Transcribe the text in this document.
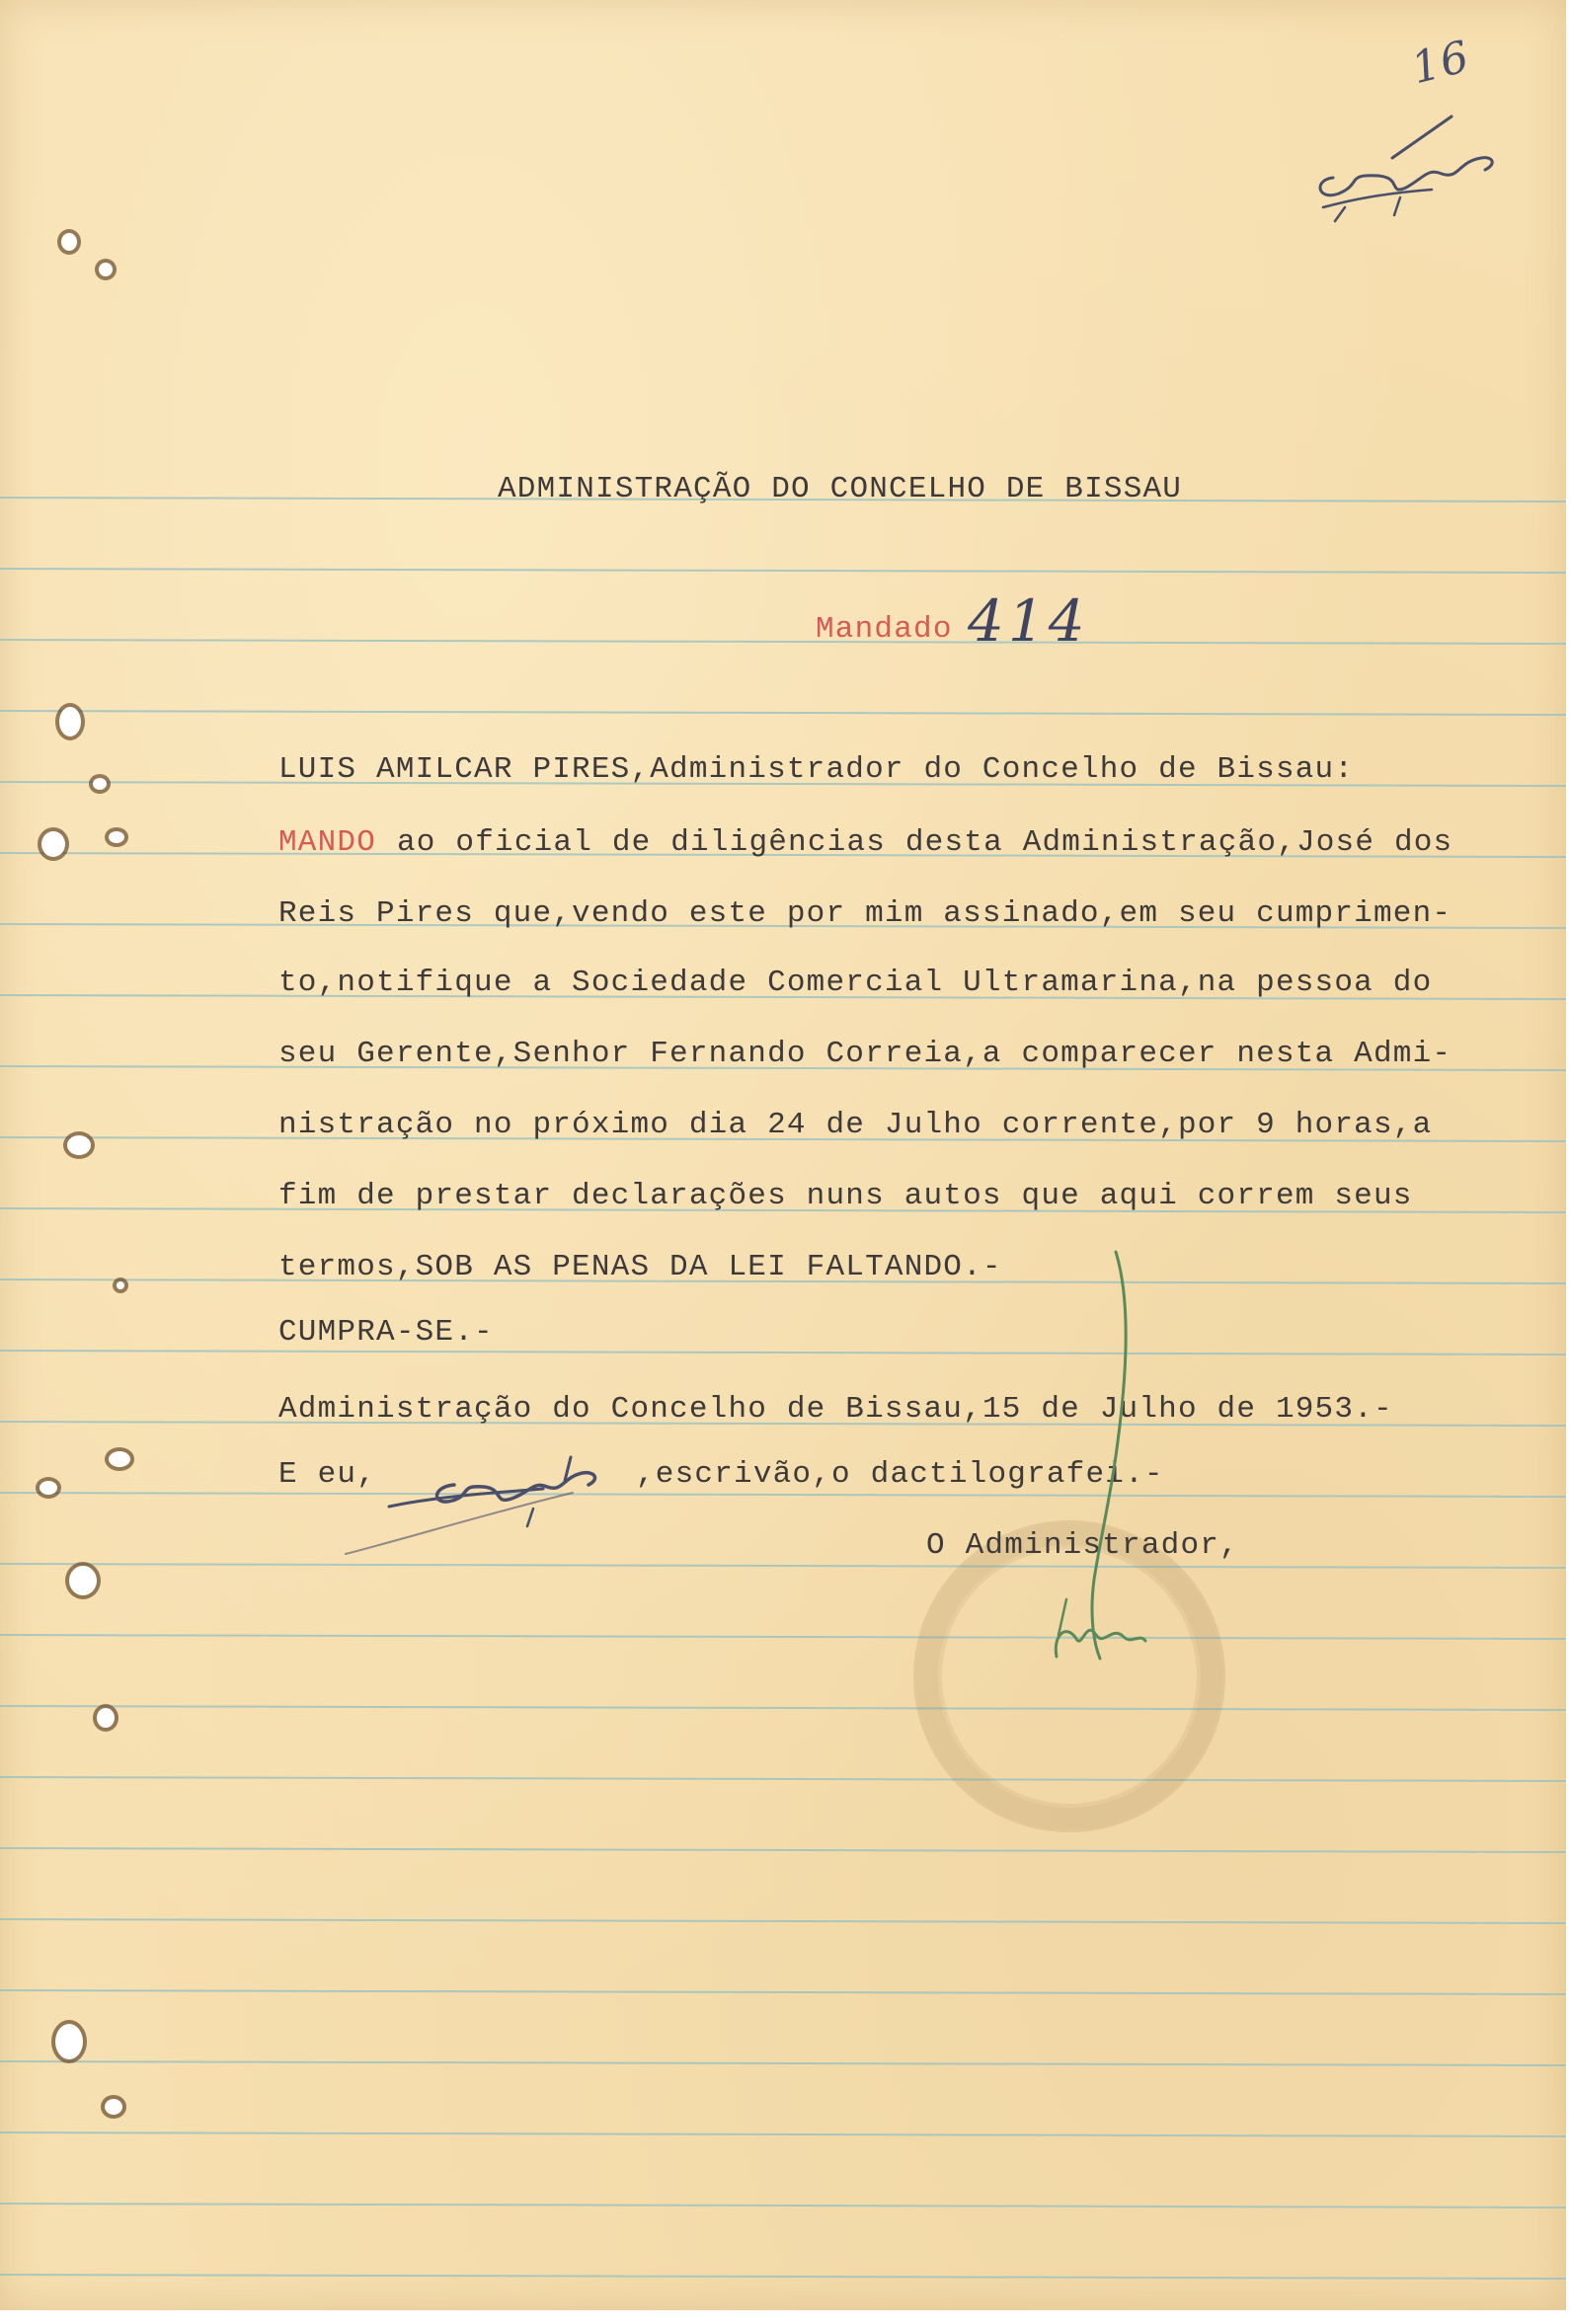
16
ADMINISTRAÇÃO DO CONCELHO DE BISSAU
Mandado 414
LUIS AMILCAR PIRES,Administrador do Concelho de Bissau:
MANDO ao oficial de diligências desta Administração,José dos
Reis Pires que,vendo este por mim assinado,em seu cumprimen-
to,notifique a Sociedade Comercial Ultramarina,na pessoa do
seu Gerente,Senhor Fernando Correia,a comparecer nesta Admi-
nistração no próximo dia 24 de Julho corrente,por 9 horas,a
fim de prestar declarações nuns autos que aqui correm seus
termos,SOB AS PENAS DA LEI FALTANDO.-
CUMPRA-SE.-
Administração do Concelho de Bissau,15 de Julho de 1953.-
E eu,	,escrivão,o dactilografei.-
O Administrador,
